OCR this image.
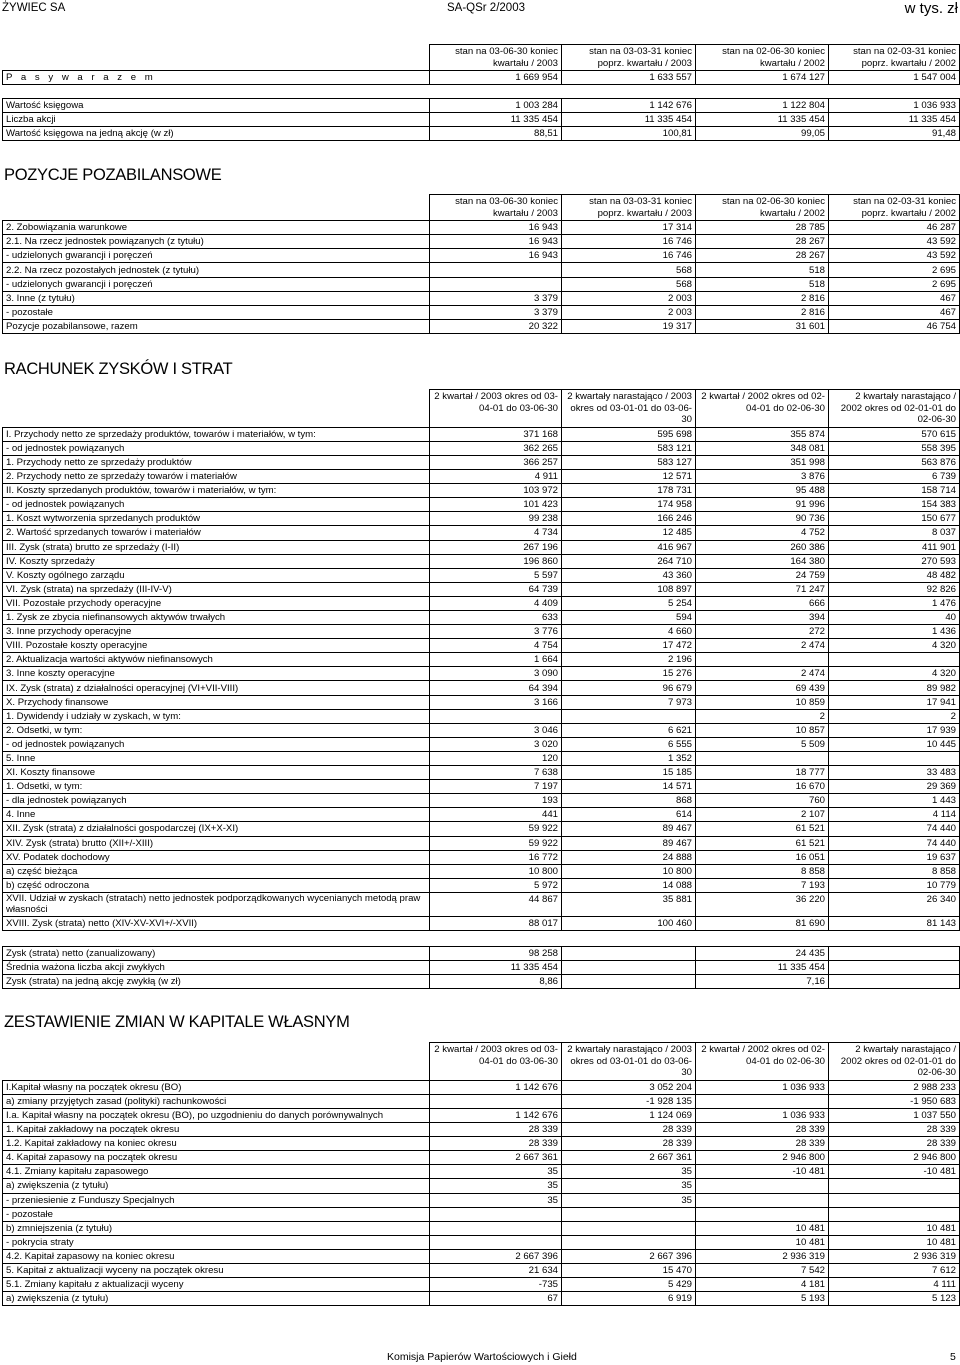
ŻYWIEC SA	SA-QSr 2/2003	w tys. zł
	stan na 03-06-30 koniec kwartału / 2003	stan na 03-03-31 koniec poprz. kwartału / 2003	stan na 02-06-30 koniec kwartału / 2002	stan na 02-03-31 koniec poprz. kwartału / 2002
P a s y w a r a z e m	1 669 954	1 633 557	1 674 127	1 547 004
Wartość księgowa	1 003 284	1 142 676	1 122 804	1 036 933
Liczba akcji	11 335 454	11 335 454	11 335 454	11 335 454
Wartość księgowa na jedną akcję (w zł)	88,51	100,81	99,05	91,48
POZYCJE POZABILANSOWE
	stan na 03-06-30 koniec kwartału / 2003	stan na 03-03-31 koniec poprz. kwartału / 2003	stan na 02-06-30 koniec kwartału / 2002	stan na 02-03-31 koniec poprz. kwartału / 2002
2. Zobowiązania warunkowe	16 943	17 314	28 785	46 287
2.1. Na rzecz jednostek powiązanych (z tytułu)	16 943	16 746	28 267	43 592
- udzielonych gwarancji i poręczeń	16 943	16 746	28 267	43 592
2.2. Na rzecz pozostałych jednostek (z tytułu)		568	518	2 695
- udzielonych gwarancji i poręczeń		568	518	2 695
3. Inne (z tytułu)	3 379	2 003	2 816	467
- pozostałe	3 379	2 003	2 816	467
Pozycje pozabilansowe, razem	20 322	19 317	31 601	46 754
RACHUNEK ZYSKÓW I STRAT
	2 kwartał / 2003 okres od 03-04-01 do 03-06-30	2 kwartały narastająco / 2003 okres od 03-01-01 do 03-06-30	2 kwartał / 2002 okres od 02-04-01 do 02-06-30	2 kwartały narastająco / 2002 okres od 02-01-01 do 02-06-30
I. Przychody netto ze sprzedaży produktów, towarów i materiałów, w tym:	371 168	595 698	355 874	570 615
- od jednostek powiązanych	362 265	583 121	348 081	558 395
1. Przychody netto ze sprzedaży produktów	366 257	583 127	351 998	563 876
2. Przychody netto ze sprzedaży towarów i materiałów	4 911	12 571	3 876	6 739
II. Koszty sprzedanych produktów, towarów i materiałów, w tym:	103 972	178 731	95 488	158 714
- od jednostek powiązanych	101 423	174 958	91 996	154 383
1. Koszt wytworzenia sprzedanych produktów	99 238	166 246	90 736	150 677
2. Wartość sprzedanych towarów i materiałów	4 734	12 485	4 752	8 037
III. Zysk (strata) brutto ze sprzedaży (I-II)	267 196	416 967	260 386	411 901
IV. Koszty sprzedaży	196 860	264 710	164 380	270 593
V. Koszty ogólnego zarządu	5 597	43 360	24 759	48 482
VI. Zysk (strata) na sprzedaży (III-IV-V)	64 739	108 897	71 247	92 826
VII. Pozostałe przychody operacyjne	4 409	5 254	666	1 476
1. Zysk ze zbycia niefinansowych aktywów trwałych	633	594	394	40
3. Inne przychody operacyjne	3 776	4 660	272	1 436
VIII. Pozostałe koszty operacyjne	4 754	17 472	2 474	4 320
2. Aktualizacja wartości aktywów niefinansowych	1 664	2 196		
3. Inne koszty operacyjne	3 090	15 276	2 474	4 320
IX. Zysk (strata) z działalności operacyjnej (VI+VII-VIII)	64 394	96 679	69 439	89 982
X. Przychody finansowe	3 166	7 973	10 859	17 941
1. Dywidendy i udziały w zyskach, w tym:			2	2
2. Odsetki, w tym:	3 046	6 621	10 857	17 939
- od jednostek powiązanych	3 020	6 555	5 509	10 445
5. Inne	120	1 352		
XI. Koszty finansowe	7 638	15 185	18 777	33 483
1. Odsetki, w tym:	7 197	14 571	16 670	29 369
- dla jednostek powiązanych	193	868	760	1 443
4. Inne	441	614	2 107	4 114
XII. Zysk (strata) z działalności gospodarczej (IX+X-XI)	59 922	89 467	61 521	74 440
XIV. Zysk (strata) brutto (XII+/-XIII)	59 922	89 467	61 521	74 440
XV. Podatek dochodowy	16 772	24 888	16 051	19 637
a) część bieżąca	10 800	10 800	8 858	8 858
b) część odroczona	5 972	14 088	7 193	10 779
XVII. Udział w zyskach (stratach) netto jednostek podporządkowanych wycenianych metodą praw własności	44 867	35 881	36 220	26 340
XVIII. Zysk (strata) netto (XIV-XV-XVI+/-XVII)	88 017	100 460	81 690	81 143
Zysk (strata) netto (zanualizowany)	98 258		24 435	
Średnia ważona liczba akcji zwykłych	11 335 454		11 335 454	
Zysk (strata) na jedną akcję zwykłą (w zł)	8,86		7,16	
ZESTAWIENIE ZMIAN W KAPITALE WŁASNYM
	2 kwartał / 2003 okres od 03-04-01 do 03-06-30	2 kwartały narastająco / 2003 okres od 03-01-01 do 03-06-30	2 kwartał / 2002 okres od 02-04-01 do 02-06-30	2 kwartały narastająco / 2002 okres od 02-01-01 do 02-06-30
I.Kapitał własny na początek okresu (BO)	1 142 676	3 052 204	1 036 933	2 988 233
a) zmiany przyjętych zasad (polityki) rachunkowości		-1 928 135		-1 950 683
I.a. Kapitał własny na początek okresu (BO), po uzgodnieniu do danych porównywalnych	1 142 676	1 124 069	1 036 933	1 037 550
1. Kapitał zakładowy na początek okresu	28 339	28 339	28 339	28 339
1.2. Kapitał zakładowy na koniec okresu	28 339	28 339	28 339	28 339
4. Kapitał zapasowy na początek okresu	2 667 361	2 667 361	2 946 800	2 946 800
4.1. Zmiany kapitału zapasowego	35	35	-10 481	-10 481
a) zwiększenia (z tytułu)	35	35		
- przeniesienie z Funduszy Specjalnych	35	35		
- pozostałe				
b) zmniejszenia (z tytułu)			10 481	10 481
- pokrycia straty			10 481	10 481
4.2. Kapitał zapasowy na koniec okresu	2 667 396	2 667 396	2 936 319	2 936 319
5. Kapitał z aktualizacji wyceny na początek okresu	21 634	15 470	7 542	7 612
5.1. Zmiany kapitału z aktualizacji wyceny	-735	5 429	4 181	4 111
a) zwiększenia (z tytułu)	67	6 919	5 193	5 123
Komisja Papierów Wartościowych i Giełd	5
